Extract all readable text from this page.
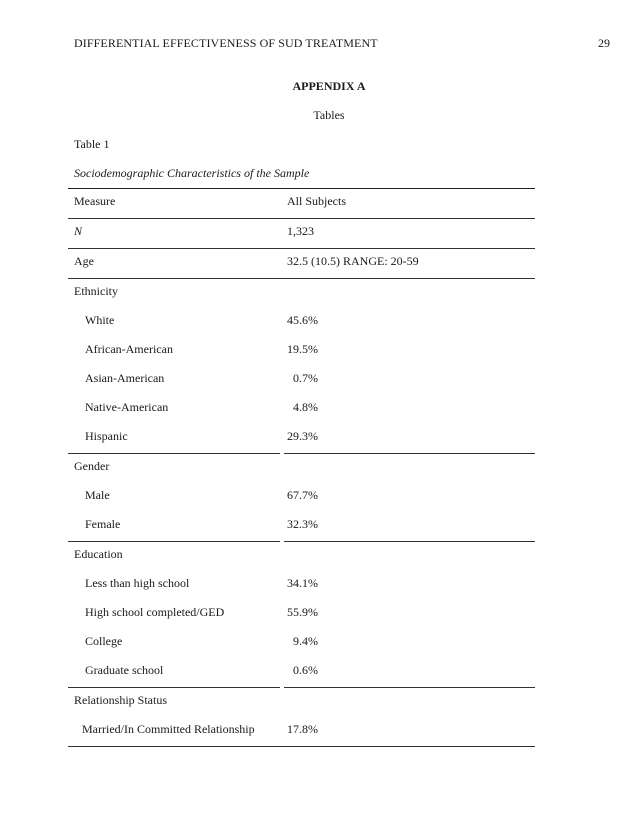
DIFFERENTIAL EFFECTIVENESS OF SUD TREATMENT	29
APPENDIX A
Tables
Table 1
Sociodemographic Characteristics of the Sample
Measure	All Subjects
N	1,323
Age	32.5 (10.5) RANGE: 20-59
Ethnicity
White	45.6%
African-American	19.5%
Asian-American	0.7%
Native-American	4.8%
Hispanic	29.3%
Gender
Male	67.7%
Female	32.3%
Education
Less than high school	34.1%
High school completed/GED	55.9%
College	9.4%
Graduate school	0.6%
Relationship Status
Married/In Committed Relationship	17.8%
